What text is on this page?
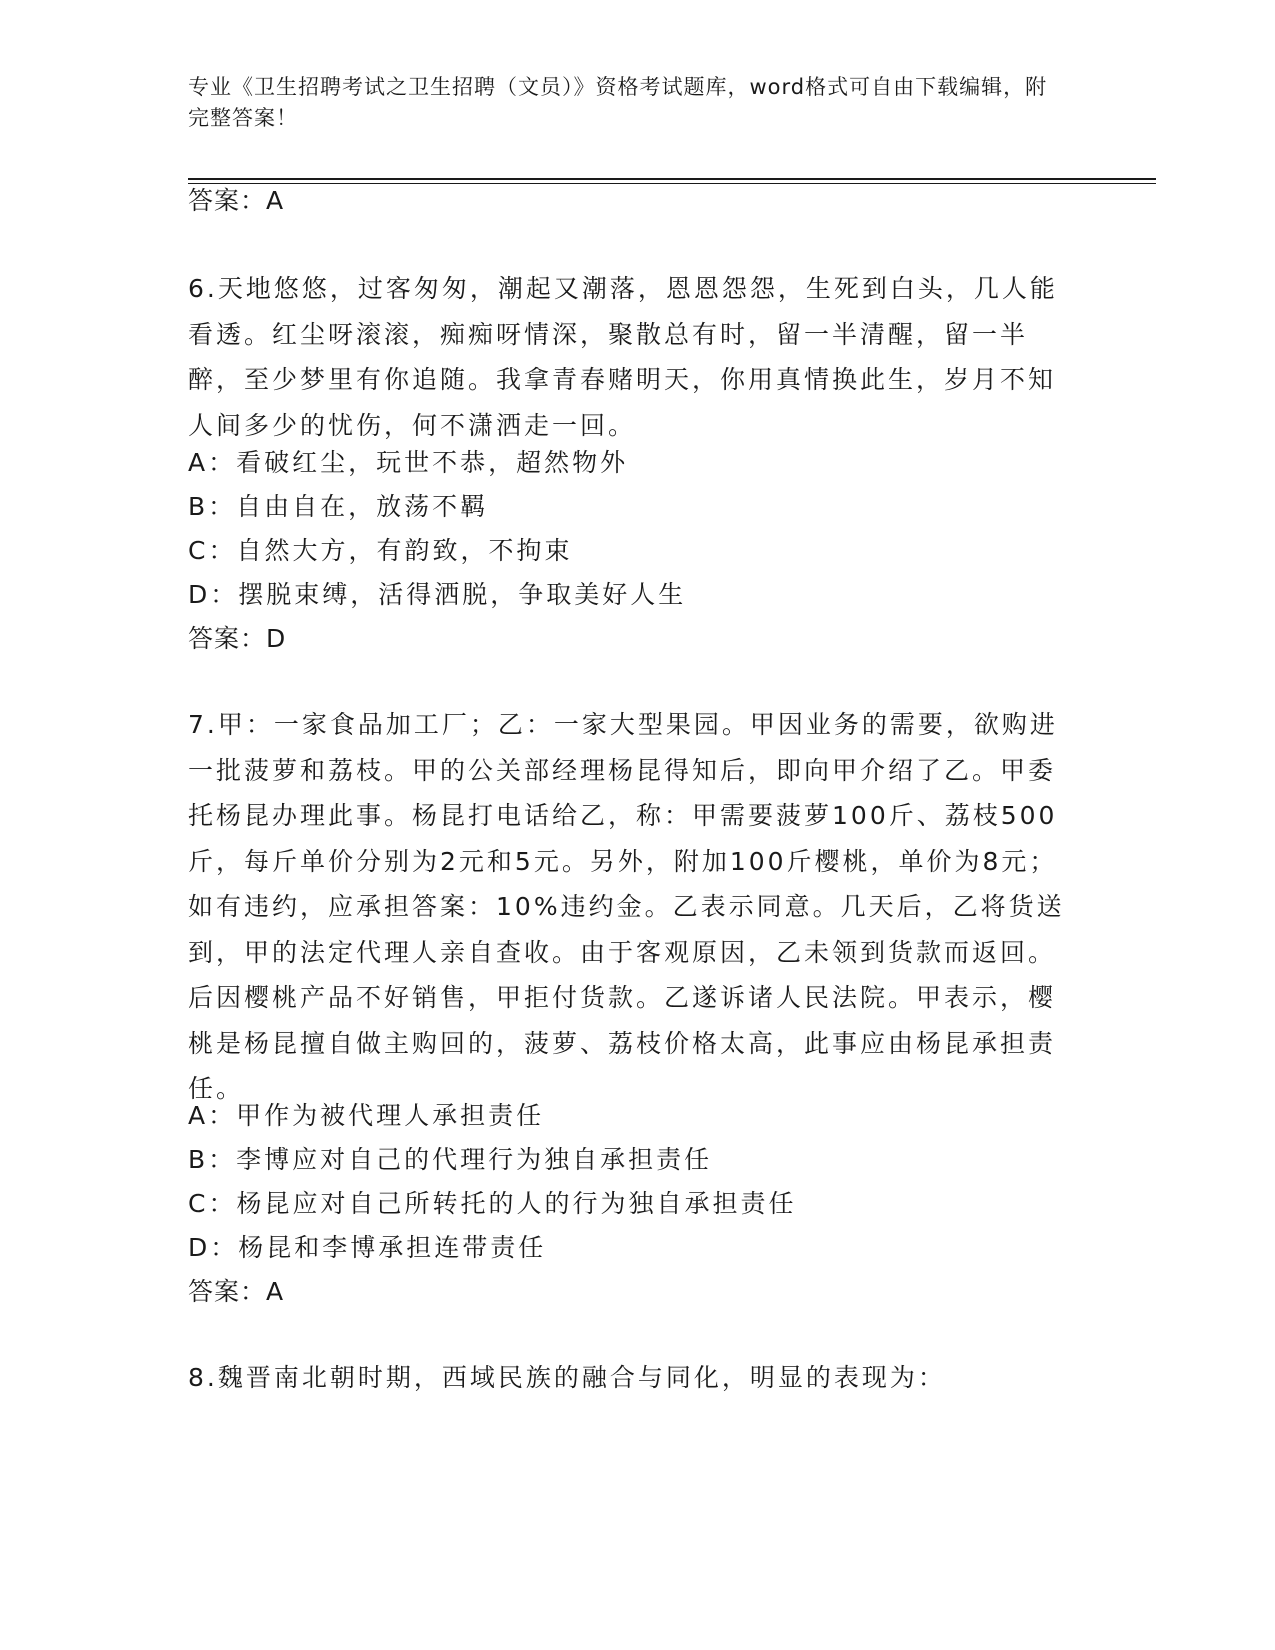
专业《卫生招聘考试之卫生招聘（文员）》资格考试题库，word格式可自由下载编辑，附完整答案！
答案：A
6.天地悠悠，过客匆匆，潮起又潮落，恩恩怨怨，生死到白头，几人能看透。红尘呀滚滚，痴痴呀情深，聚散总有时，留一半清醒，留一半醉，至少梦里有你追随。我拿青春赌明天，你用真情换此生，岁月不知人间多少的忧伤，何不潇洒走一回。
A：看破红尘，玩世不恭，超然物外
B：自由自在，放荡不羁
C：自然大方，有韵致，不拘束
D：摆脱束缚，活得洒脱，争取美好人生
答案：D
7.甲：一家食品加工厂；乙：一家大型果园。甲因业务的需要，欲购进一批菠萝和荔枝。甲的公关部经理杨昆得知后，即向甲介绍了乙。甲委托杨昆办理此事。杨昆打电话给乙，称：甲需要菠萝100斤、荔枝500斤，每斤单价分别为2元和5元。另外，附加100斤樱桃，单价为8元；如有违约，应承担答案：10%违约金。乙表示同意。几天后，乙将货送到，甲的法定代理人亲自查收。由于客观原因，乙未领到货款而返回。后因樱桃产品不好销售，甲拒付货款。乙遂诉诸人民法院。甲表示，樱桃是杨昆擅自做主购回的，菠萝、荔枝价格太高，此事应由杨昆承担责任。
A：甲作为被代理人承担责任
B：李博应对自己的代理行为独自承担责任
C：杨昆应对自己所转托的人的行为独自承担责任
D：杨昆和李博承担连带责任
答案：A
8.魏晋南北朝时期，西域民族的融合与同化，明显的表现为：
